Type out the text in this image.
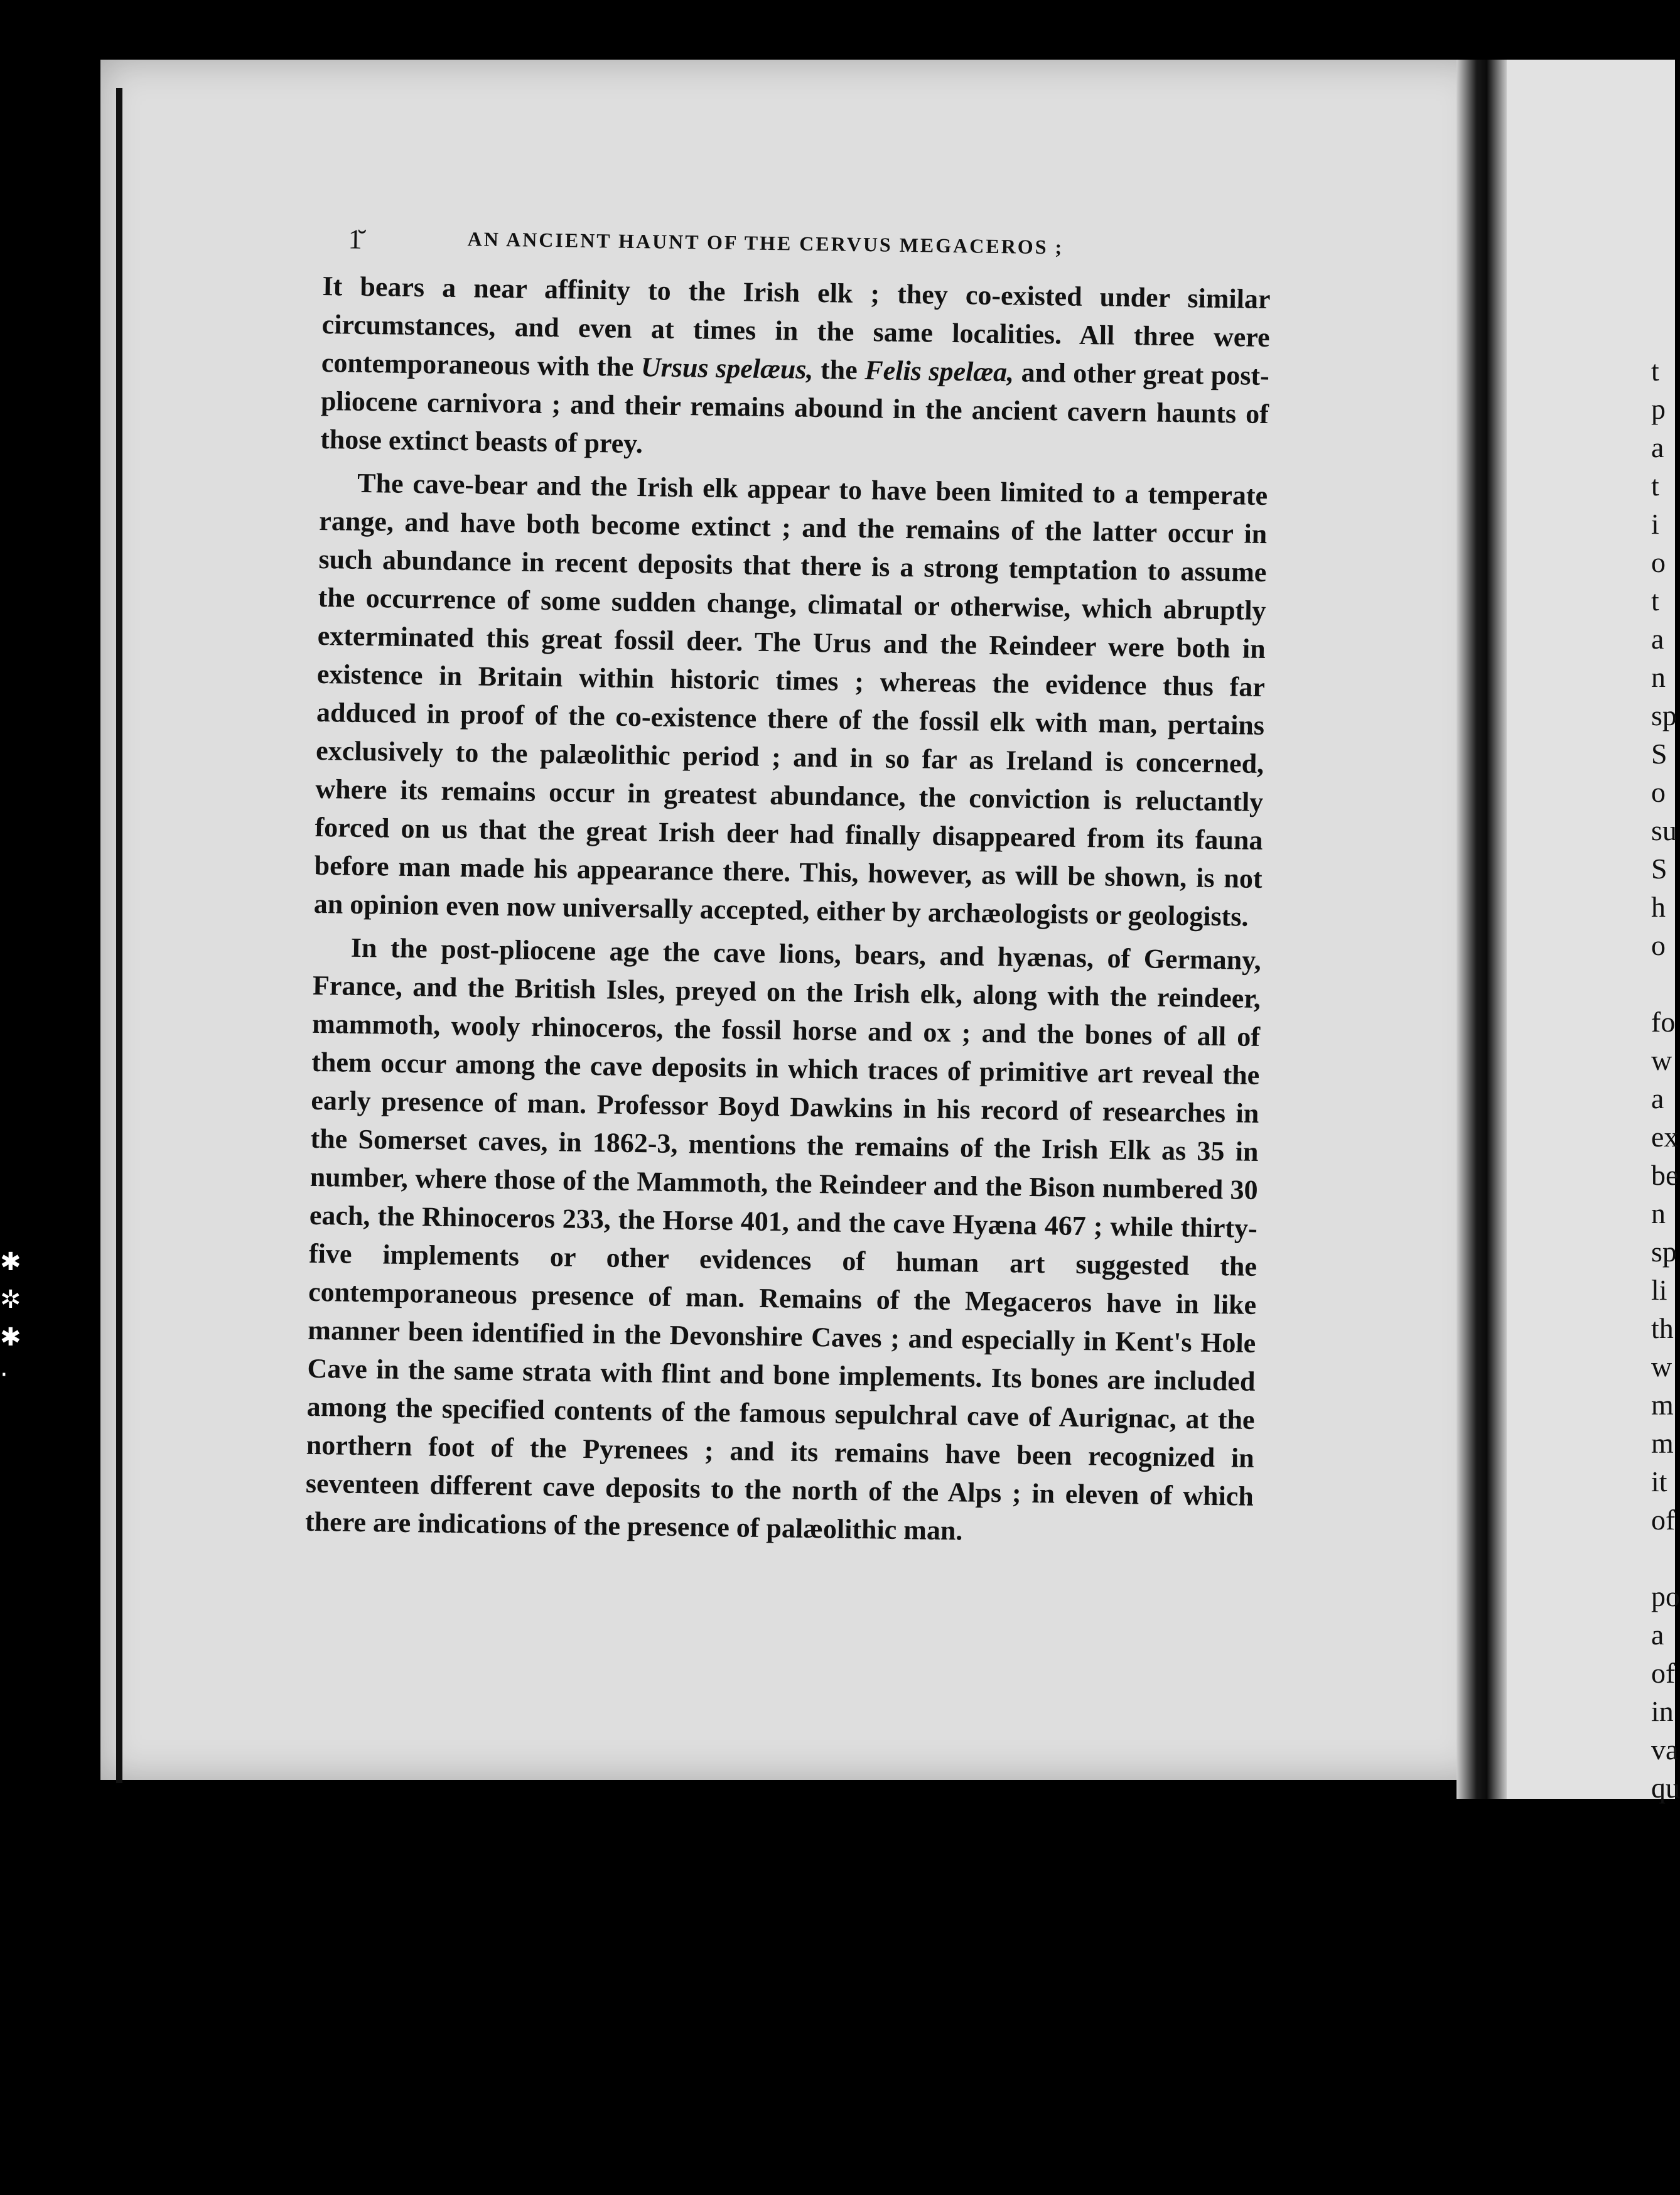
✱
✲
✱
·
1̆	AN ANCIENT HAUNT OF THE CERVUS MEGACEROS ;

It bears a near affinity to the Irish elk ; they co-existed under similar circumstances, and even at times in the same localities. All three were contemporaneous with the Ursus spelæus, the Felis spelæa, and other great post-pliocene carnivora ; and their remains abound in the ancient cavern haunts of those extinct beasts of prey.

The cave-bear and the Irish elk appear to have been limited to a temperate range, and have both become extinct ; and the remains of the latter occur in such abundance in recent deposits that there is a strong temptation to assume the occurrence of some sudden change, climatal or otherwise, which abruptly exterminated this great fossil deer. The Urus and the Reindeer were both in existence in Britain within historic times ; whereas the evidence thus far adduced in proof of the co-existence there of the fossil elk with man, pertains exclusively to the palæolithic period ; and in so far as Ireland is concerned, where its remains occur in greatest abundance, the conviction is reluctantly forced on us that the great Irish deer had finally disappeared from its fauna before man made his appearance there. This, however, as will be shown, is not an opinion even now universally accepted, either by archæologists or geologists.

In the post-pliocene age the cave lions, bears, and hyænas, of Germany, France, and the British Isles, preyed on the Irish elk, along with the reindeer, mammoth, wooly rhinoceros, the fossil horse and ox ; and the bones of all of them occur among the cave deposits in which traces of primitive art reveal the early presence of man. Professor Boyd Dawkins in his record of researches in the Somerset caves, in 1862-3, mentions the remains of the Irish Elk as 35 in number, where those of the Mammoth, the Reindeer and the Bison numbered 30 each, the Rhinoceros 233, the Horse 401, and the cave Hyæna 467 ; while thirty-five implements or other evidences of human art suggested the contemporaneous presence of man. Remains of the Megaceros have in like manner been identified in the Devonshire Caves ; and especially in Kent's Hole Cave in the same strata with flint and bone implements. Its bones are included among the specified contents of the famous sepulchral cave of Aurignac, at the northern foot of the Pyrenees ; and its remains have been recognized in seventeen different cave deposits to the north of the Alps ; in eleven of which there are indications of the presence of palæolithic man.

t
p
a
t
i
o
t
a
n
sp
S
o
su
S
h
o
fo
w
a
ex
be
n
sp
li
th
w
m
m
it
of
po
a
of
in
va
qu
